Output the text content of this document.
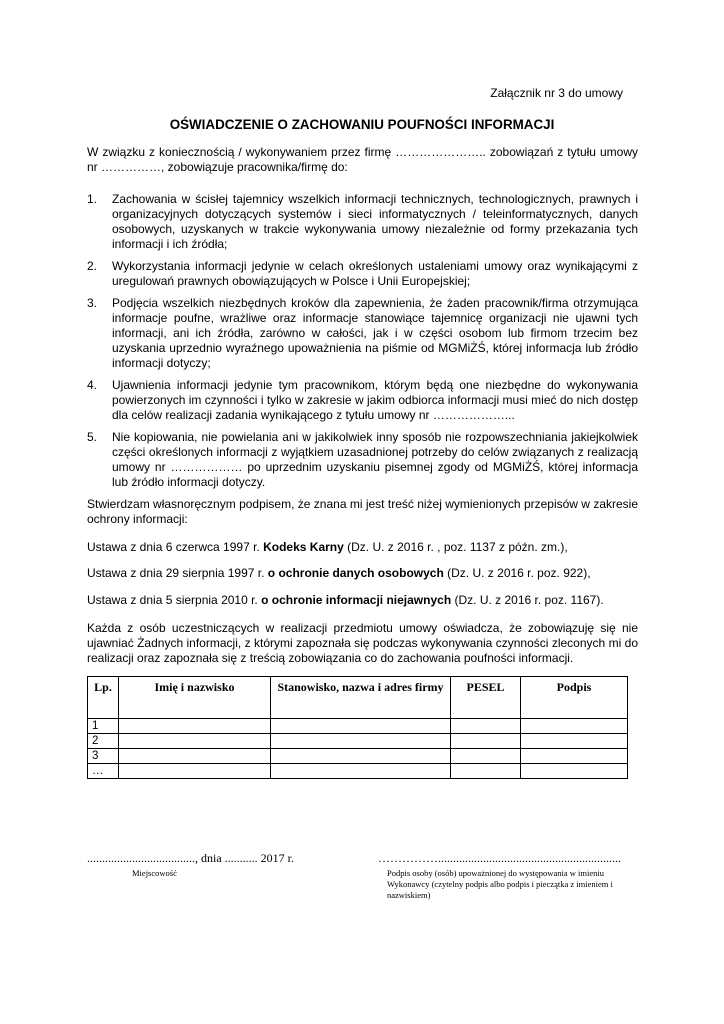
Załącznik nr 3 do umowy
OŚWIADCZENIE O ZACHOWANIU POUFNOŚCI INFORMACJI
W związku z koniecznością / wykonywaniem przez firmę ………………….. zobowiązań z tytułu umowy nr ……………, zobowiązuje pracownika/firmę do:
1. Zachowania w ścisłej tajemnicy wszelkich informacji technicznych, technologicznych, prawnych i organizacyjnych dotyczących systemów i sieci informatycznych / teleinformatycznych, danych osobowych, uzyskanych w trakcie wykonywania umowy niezależnie od formy przekazania tych informacji i ich źródła;
2. Wykorzystania informacji jedynie w celach określonych ustaleniami umowy oraz wynikającymi z uregulowań prawnych obowiązujących w Polsce i Unii Europejskiej;
3. Podjęcia wszelkich niezbędnych kroków dla zapewnienia, że żaden pracownik/firma otrzymująca informacje poufne, wrażliwe oraz informacje stanowiące tajemnicę organizacji nie ujawni tych informacji, ani ich źródła, zarówno w całości, jak i w części osobom lub firmom trzecim bez uzyskania uprzednio wyraźnego upoważnienia na piśmie od MGMiŻŚ, której informacja lub źródło informacji dotyczy;
4. Ujawnienia informacji jedynie tym pracownikom, którym będą one niezbędne do wykonywania powierzonych im czynności i tylko w zakresie w jakim odbiorca informacji musi mieć do nich dostęp dla celów realizacji zadania wynikającego z tytułu umowy nr ………………...
5. Nie kopiowania, nie powielania ani w jakikolwiek inny sposób nie rozpowszechniania jakiejkolwiek części określonych informacji z wyjątkiem uzasadnionej potrzeby do celów związanych z realizacją umowy nr ……………… po uprzednim uzyskaniu pisemnej zgody od MGMiŻŚ, której informacja lub źródło informacji dotyczy.
Stwierdzam własnoręcznym podpisem, że znana mi jest treść niżej wymienionych przepisów w zakresie ochrony informacji:
Ustawa z dnia 6 czerwca 1997 r. Kodeks Karny (Dz. U. z 2016 r. , poz. 1137 z późn. zm.),
Ustawa z dnia 29 sierpnia 1997 r. o ochronie danych osobowych (Dz. U. z 2016 r. poz. 922),
Ustawa z dnia 5 sierpnia 2010 r. o ochronie informacji niejawnych (Dz. U. z 2016 r. poz. 1167).
Każda z osób uczestniczących w realizacji przedmiotu umowy oświadcza, że zobowiązuję się nie ujawniać Żadnych informacji, z którymi zapoznała się podczas wykonywania czynności zleconych mi do realizacji oraz zapoznała się z treścią zobowiązania co do zachowania poufności informacji.
Lp.	Imię i nazwisko	Stanowisko, nazwa i adres firmy	PESEL	Podpis
1				
2				
3				
…				
...................................., dnia ........... 2017 r.	…………….............................................................
Miejscowość	Podpis osoby (osób) upoważnionej do występowania w imieniu Wykonawcy (czytelny podpis albo podpis i pieczątka z imieniem i nazwiskiem)
